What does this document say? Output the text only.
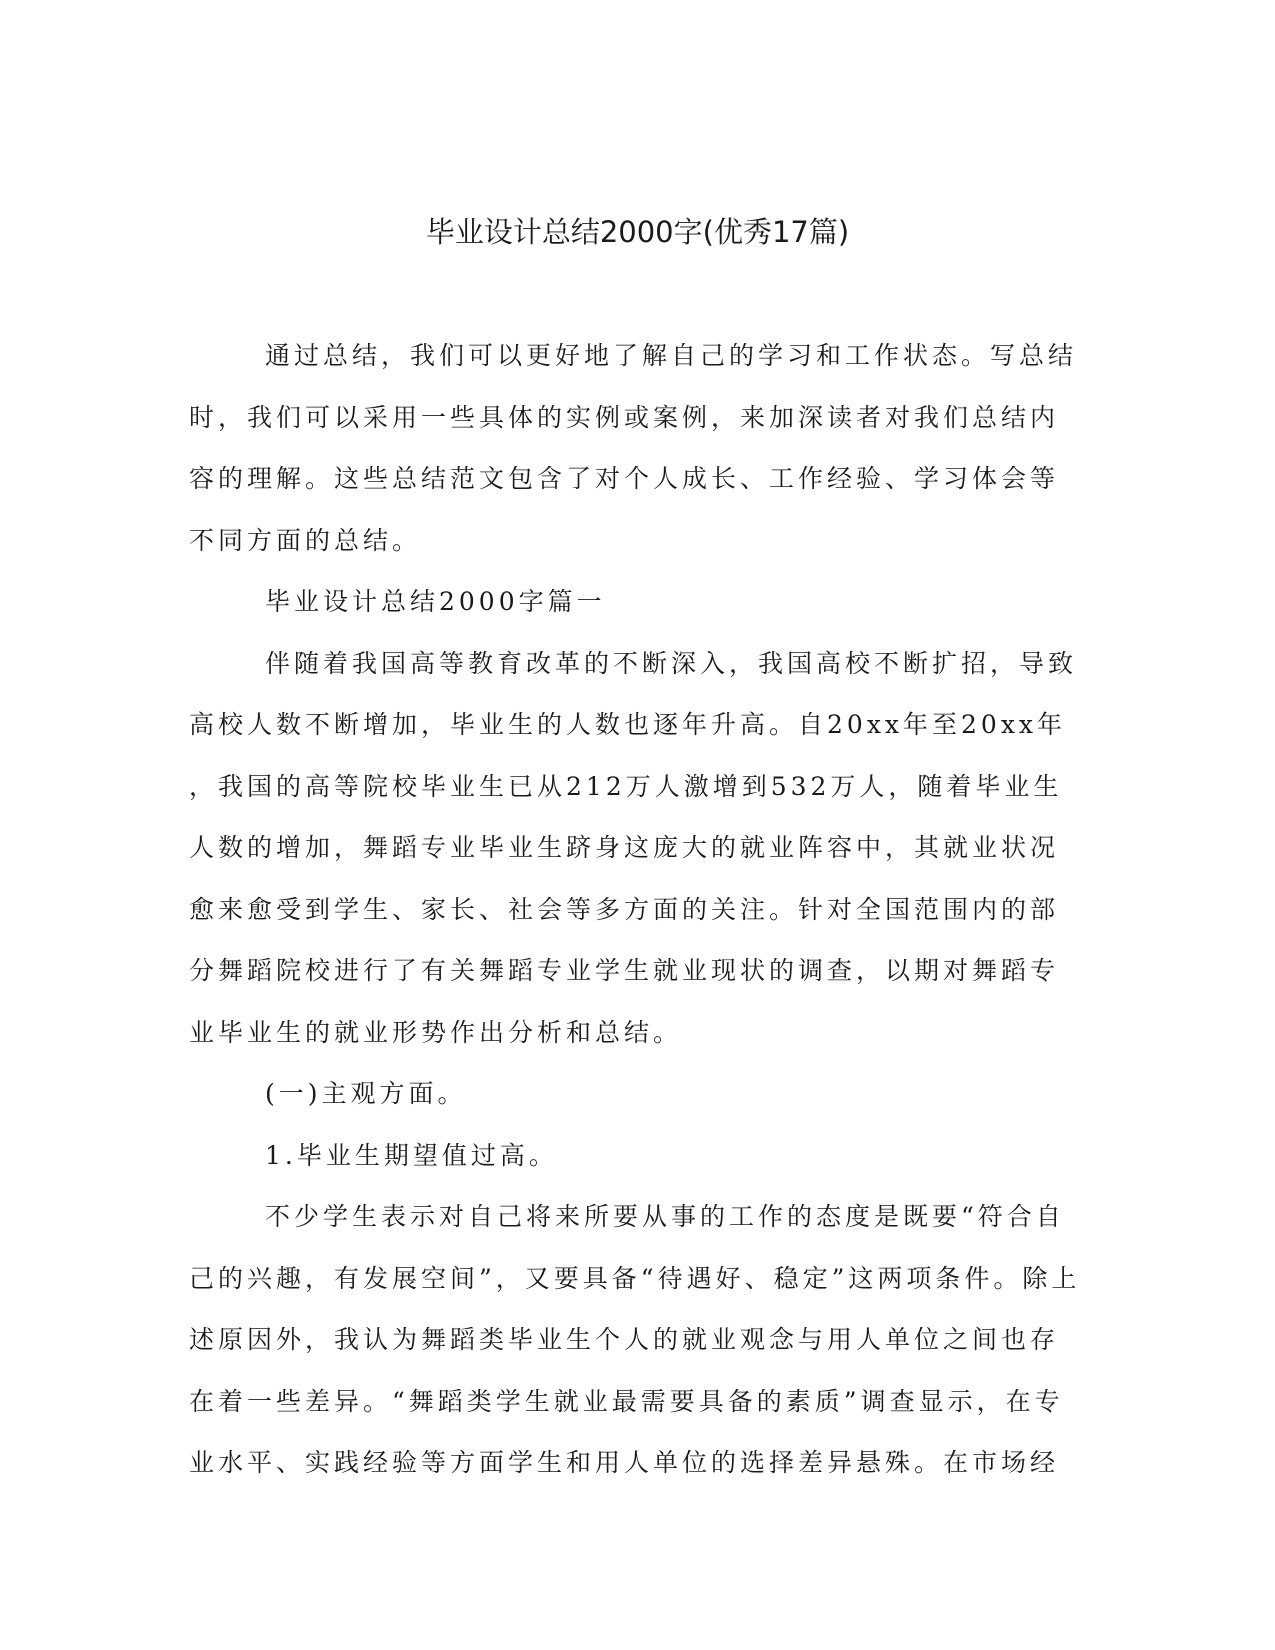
毕业设计总结2000字(优秀17篇)
通过总结，我们可以更好地了解自己的学习和工作状态。写总结
时，我们可以采用一些具体的实例或案例，来加深读者对我们总结内
容的理解。这些总结范文包含了对个人成长、工作经验、学习体会等
不同方面的总结。
毕业设计总结2000字篇一
伴随着我国高等教育改革的不断深入，我国高校不断扩招，导致
高校人数不断增加，毕业生的人数也逐年升高。自20xx年至20xx年
，我国的高等院校毕业生已从212万人激增到532万人，随着毕业生
人数的增加，舞蹈专业毕业生跻身这庞大的就业阵容中，其就业状况
愈来愈受到学生、家长、社会等多方面的关注。针对全国范围内的部
分舞蹈院校进行了有关舞蹈专业学生就业现状的调查，以期对舞蹈专
业毕业生的就业形势作出分析和总结。
(一)主观方面。
1.毕业生期望值过高。
不少学生表示对自己将来所要从事的工作的态度是既要“符合自
己的兴趣，有发展空间”，又要具备“待遇好、稳定”这两项条件。除上
述原因外，我认为舞蹈类毕业生个人的就业观念与用人单位之间也存
在着一些差异。“舞蹈类学生就业最需要具备的素质”调查显示，在专
业水平、实践经验等方面学生和用人单位的选择差异悬殊。在市场经
